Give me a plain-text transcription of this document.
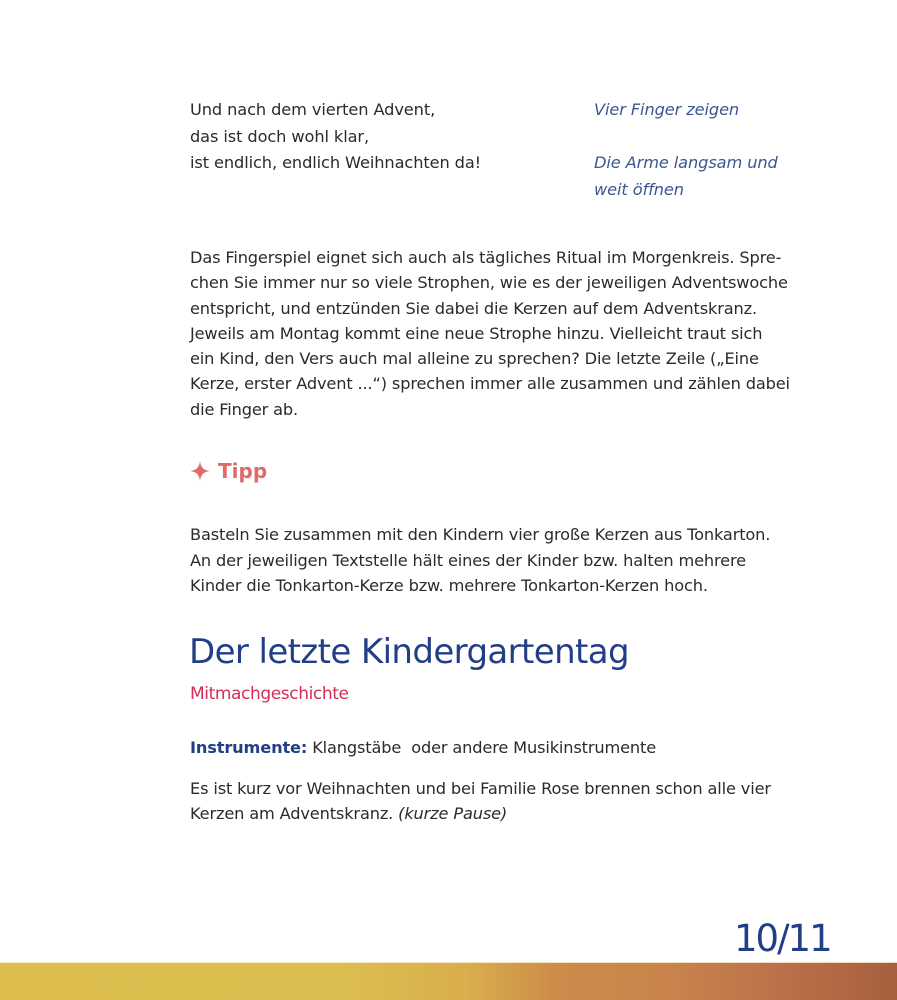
Und nach dem vierten Advent,
das ist doch wohl klar,
ist endlich, endlich Weihnachten da!
Vier Finger zeigen
Die Arme langsam und
weit öffnen
Das Fingerspiel eignet sich auch als tägliches Ritual im Morgenkreis. Spre-
chen Sie immer nur so viele Strophen, wie es der jeweiligen Adventswoche
entspricht, und entzünden Sie dabei die Kerzen auf dem Adventskranz.
Jeweils am Montag kommt eine neue Strophe hinzu. Vielleicht traut sich
ein Kind, den Vers auch mal alleine zu sprechen? Die letzte Zeile („Eine
Kerze, erster Advent ...“) sprechen immer alle zusammen und zählen dabei
die Finger ab.
Tipp
Basteln Sie zusammen mit den Kindern vier große Kerzen aus Tonkarton.
An der jeweiligen Textstelle hält eines der Kinder bzw. halten mehrere
Kinder die Tonkarton-Kerze bzw. mehrere Tonkarton-Kerzen hoch.
Der letzte Kindergartentag
Mitmachgeschichte
Instrumente: Klangstäbe  oder andere Musikinstrumente
Es ist kurz vor Weihnachten und bei Familie Rose brennen schon alle vier
Kerzen am Adventskranz. (kurze Pause)
10/11
